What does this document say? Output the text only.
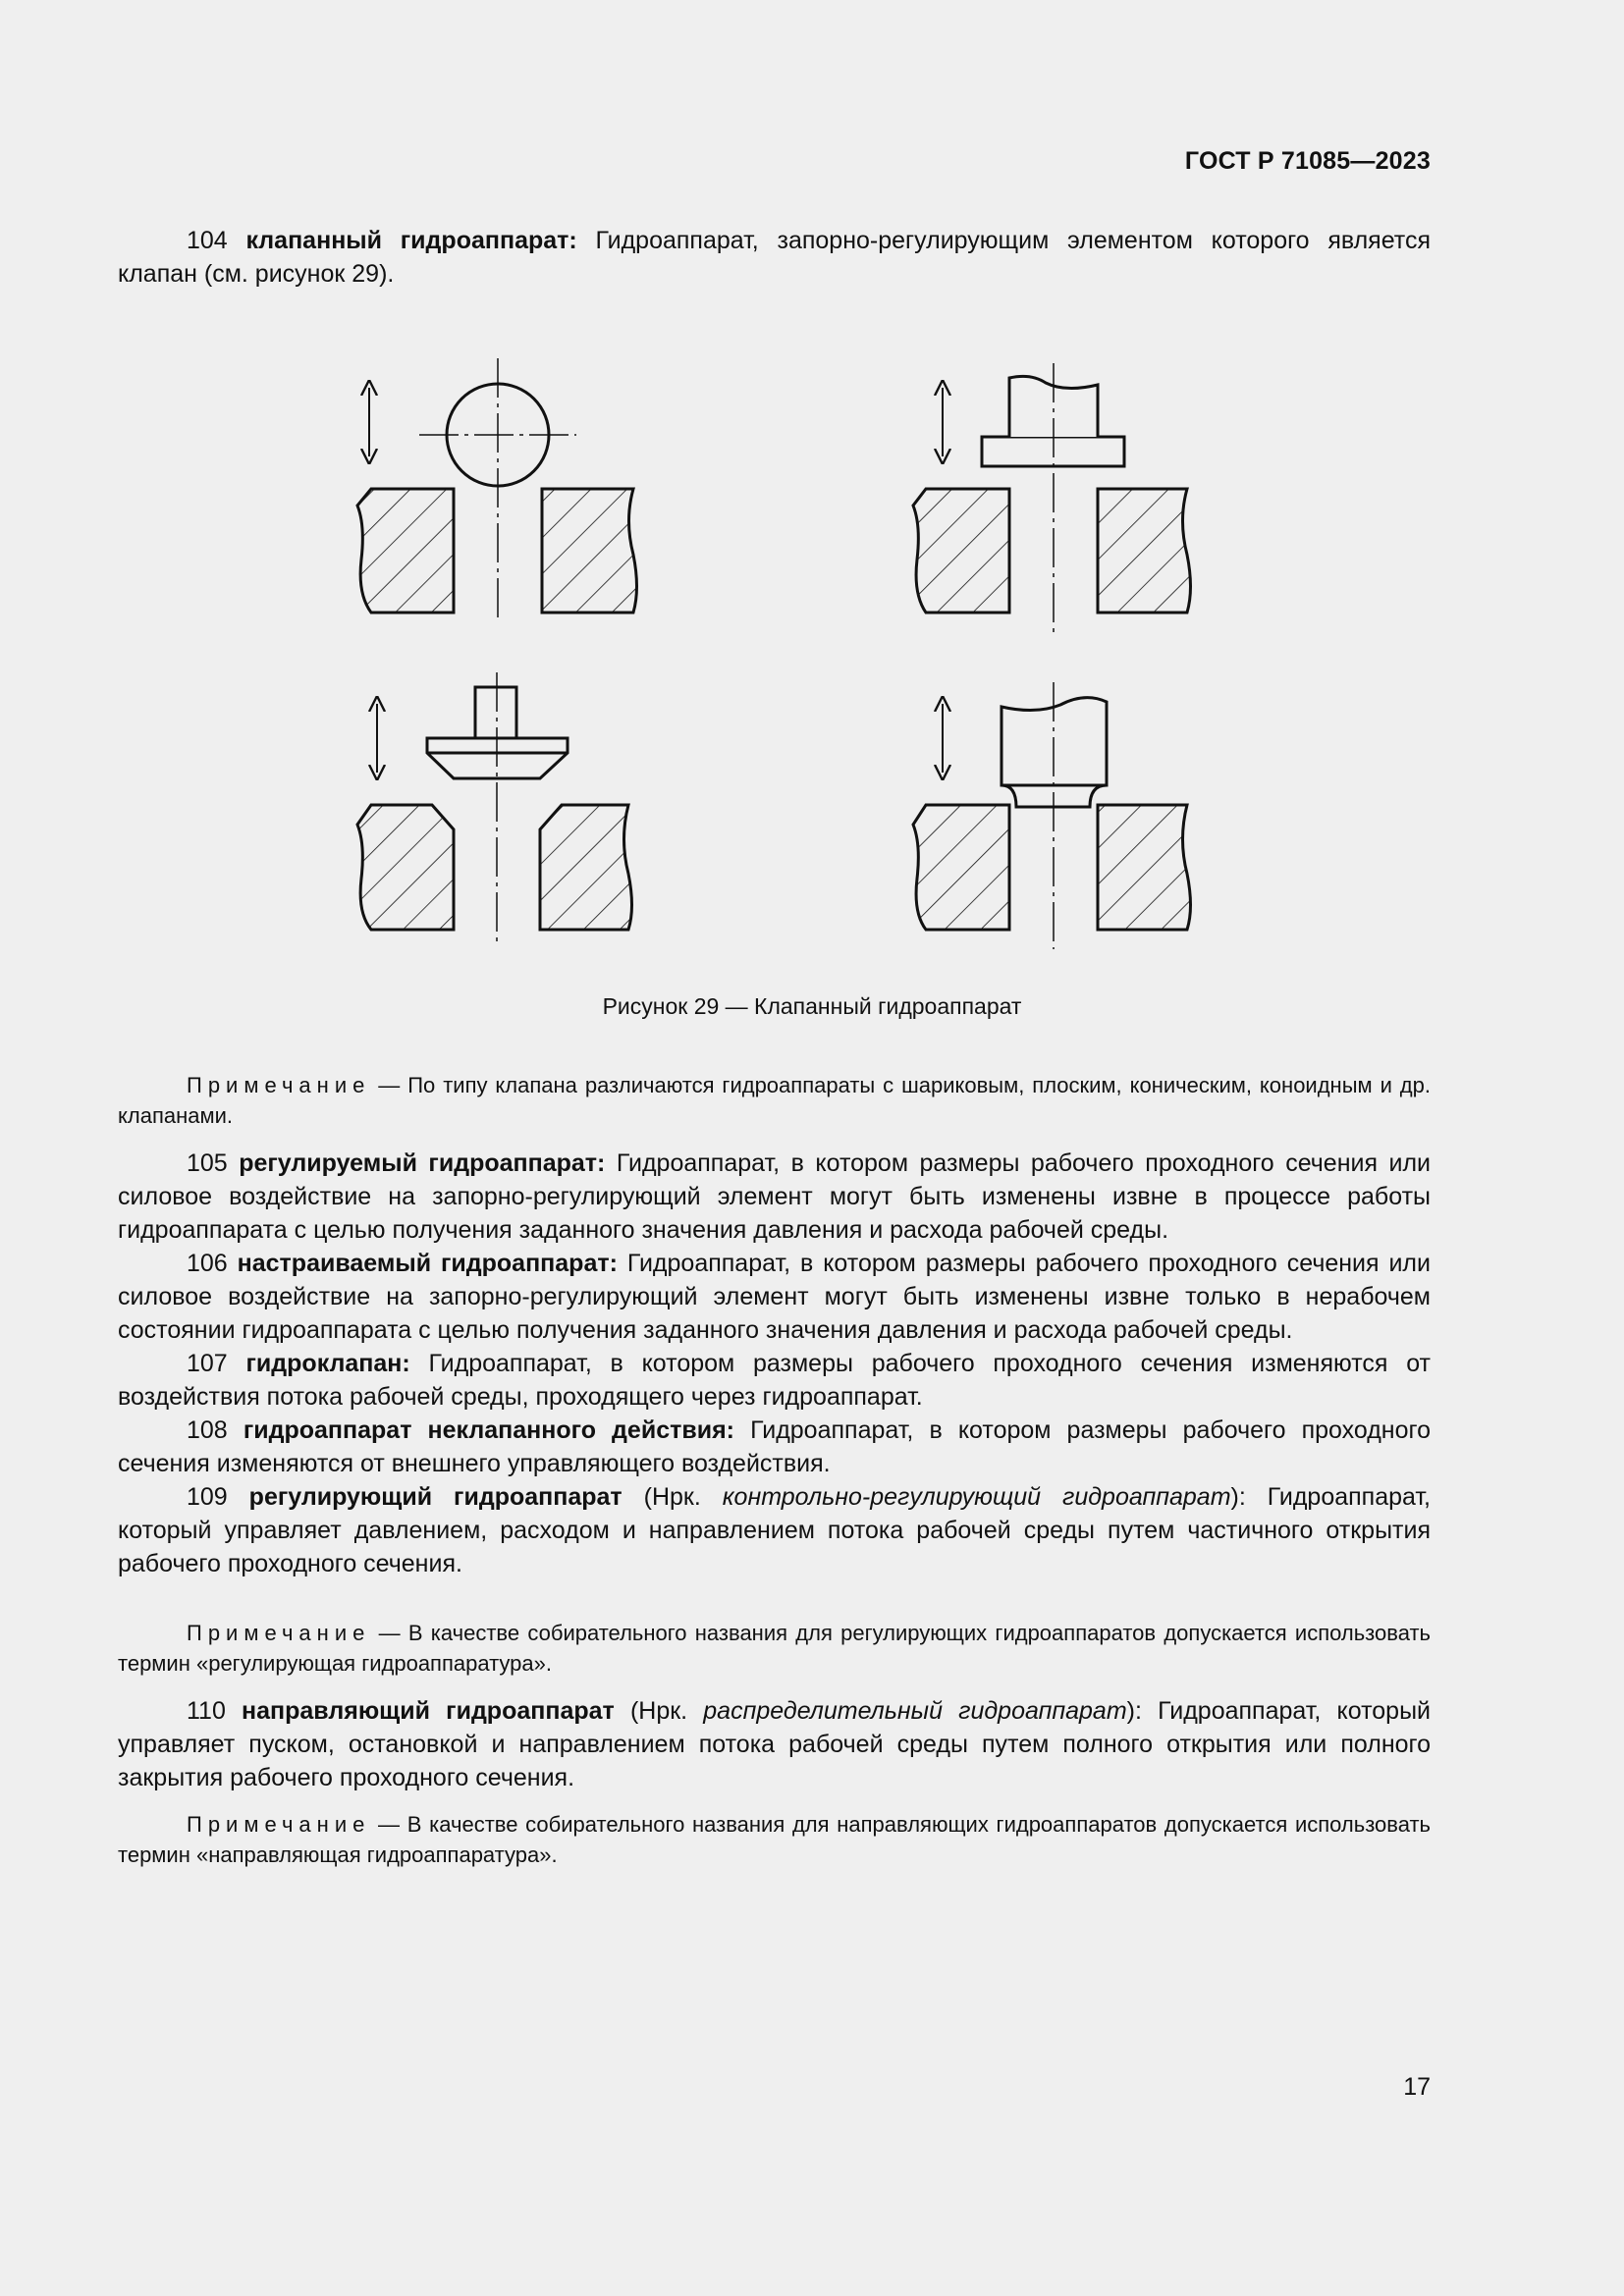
ГОСТ Р 71085—2023

104 клапанный гидроаппарат: Гидроаппарат, запорно-регулирующим элементом которого является клапан (см. рисунок 29).

Рисунок 29 — Клапанный гидроаппарат

Примечание — По типу клапана различаются гидроаппараты с шариковым, плоским, коническим, коноидным и др. клапанами.

105 регулируемый гидроаппарат: Гидроаппарат, в котором размеры рабочего проходного сечения или силовое воздействие на запорно-регулирующий элемент могут быть изменены извне в процессе работы гидроаппарата с целью получения заданного значения давления и расхода рабочей среды.

106 настраиваемый гидроаппарат: Гидроаппарат, в котором размеры рабочего проходного сечения или силовое воздействие на запорно-регулирующий элемент могут быть изменены извне только в нерабочем состоянии гидроаппарата с целью получения заданного значения давления и расхода рабочей среды.

107 гидроклапан: Гидроаппарат, в котором размеры рабочего проходного сечения изменяются от воздействия потока рабочей среды, проходящего через гидроаппарат.

108 гидроаппарат неклапанного действия: Гидроаппарат, в котором размеры рабочего проходного сечения изменяются от внешнего управляющего воздействия.

109 регулирующий гидроаппарат (Нрк. контрольно-регулирующий гидроаппарат): Гидроаппарат, который управляет давлением, расходом и направлением потока рабочей среды путем частичного открытия рабочего проходного сечения.

Примечание — В качестве собирательного названия для регулирующих гидроаппаратов допускается использовать термин «регулирующая гидроаппаратура».

110 направляющий гидроаппарат (Нрк. распределительный гидроаппарат): Гидроаппарат, который управляет пуском, остановкой и направлением потока рабочей среды путем полного открытия или полного закрытия рабочего проходного сечения.

Примечание — В качестве собирательного названия для направляющих гидроаппаратов допускается использовать термин «направляющая гидроаппаратура».

17
